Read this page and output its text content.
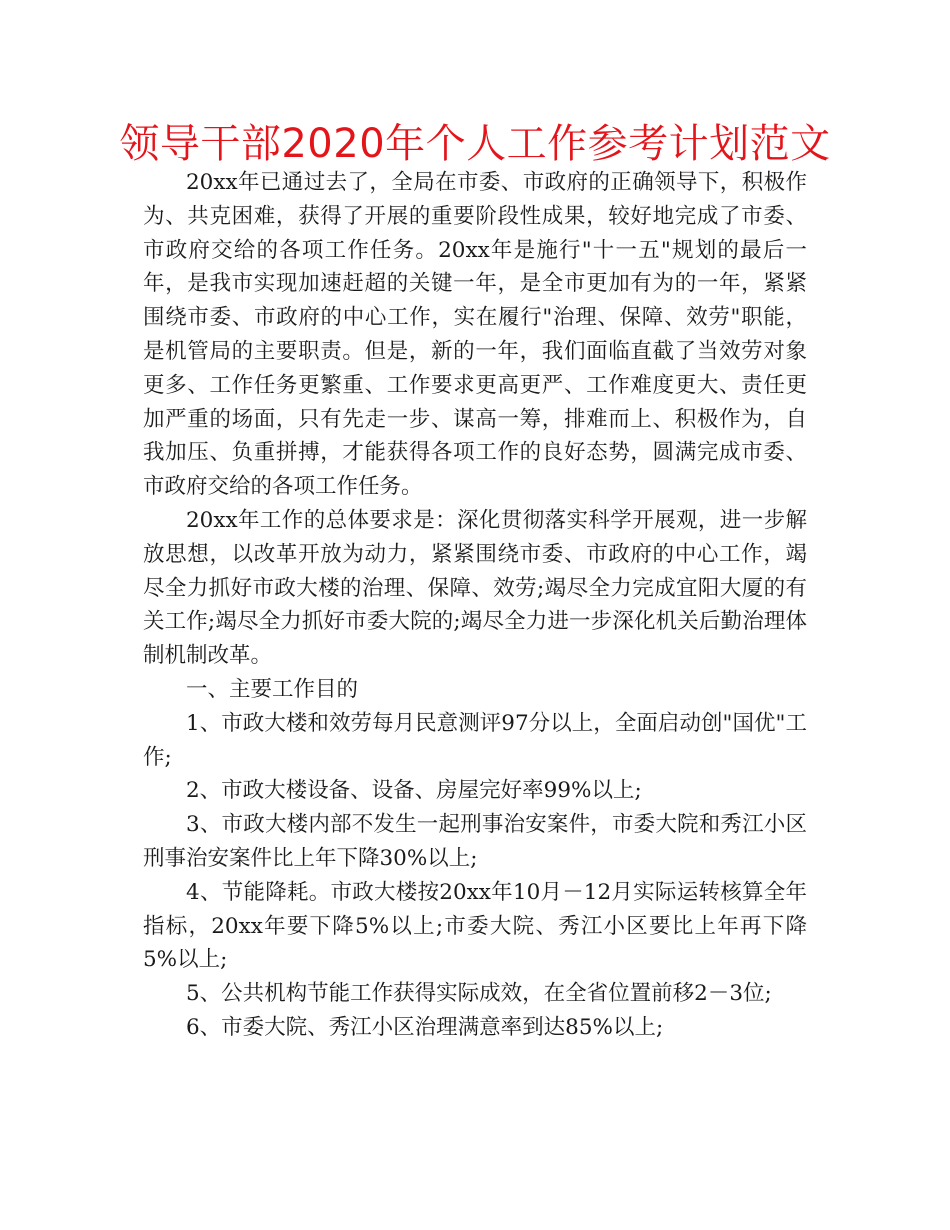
领导干部2020年个人工作参考计划范文

20xx年已通过去了，全局在市委、市政府的正确领导下，积极作为、共克困难，获得了开展的重要阶段性成果，较好地完成了市委、市政府交给的各项工作任务。20xx年是施行"十一五"规划的最后一年，是我市实现加速赶超的关键一年，是全市更加有为的一年，紧紧围绕市委、市政府的中心工作，实在履行"治理、保障、效劳"职能，是机管局的主要职责。但是，新的一年，我们面临直截了当效劳对象更多、工作任务更繁重、工作要求更高更严、工作难度更大、责任更加严重的场面，只有先走一步、谋高一筹，排难而上、积极作为，自我加压、负重拼搏，才能获得各项工作的良好态势，圆满完成市委、市政府交给的各项工作任务。

20xx年工作的总体要求是：深化贯彻落实科学开展观，进一步解放思想，以改革开放为动力，紧紧围绕市委、市政府的中心工作，竭尽全力抓好市政大楼的治理、保障、效劳;竭尽全力完成宜阳大厦的有关工作;竭尽全力抓好市委大院的;竭尽全力进一步深化机关后勤治理体制机制改革。

一、主要工作目的

1、市政大楼和效劳每月民意测评97分以上，全面启动创"国优"工作;

2、市政大楼设备、设备、房屋完好率99%以上;

3、市政大楼内部不发生一起刑事治安案件，市委大院和秀江小区刑事治安案件比上年下降30%以上;

4、节能降耗。市政大楼按20xx年10月－12月实际运转核算全年指标，20xx年要下降5%以上;市委大院、秀江小区要比上年再下降5%以上;

5、公共机构节能工作获得实际成效，在全省位置前移2－3位;

6、市委大院、秀江小区治理满意率到达85%以上;
